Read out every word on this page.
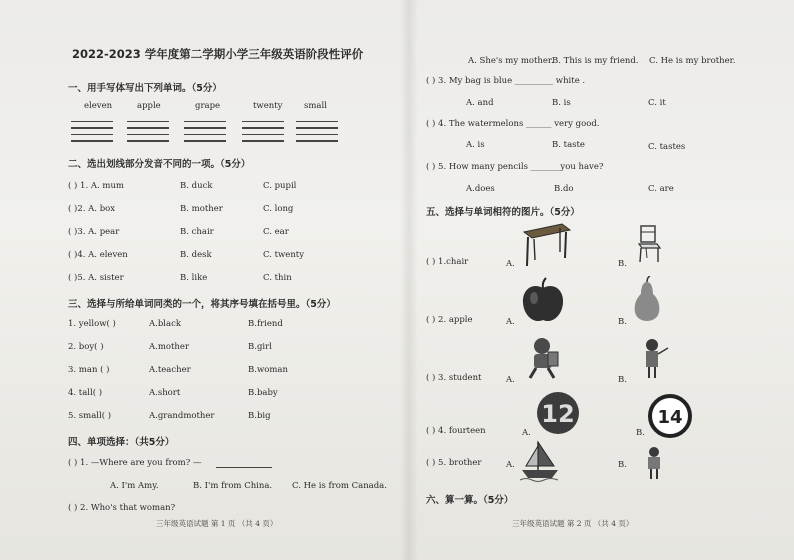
2022-2023 学年度第二学期小学三年级英语阶段性评价
一、用手写体写出下列单词。（5分）
eleven	apple	grape	twenty	small
二、选出划线部分发音不同的一项。（5分）
( ) 1. A. mum	B. duck	C. pupil
( )2. A. box	B. mother	C. long
( )3. A. pear	B. chair	C. ear
( )4. A. eleven	B. desk	C. twenty
( )5. A. sister	B. like	C. thin
三、选择与所给单词同类的一个，将其序号填在括号里。（5分）
1. yellow( )	A.black	B.friend
2. boy( )	A.mother	B.girl
3. man ( )	A.teacher	B.woman
4. tall( )	A.short	B.baby
5. small( )	A.grandmother	B.big
四、单项选择：（共5分）
( ) 1. —Where are you from? —
A. I'm Amy.	B. I'm from China. C. He is from Canada.
( ) 2. Who's that woman?
三年级英语试题 第 1 页 （共 4 页）
A. She's my mother.
B. This is my friend. C. He is my brother.
( ) 3. My bag is blue _________ white .
A. and	B. is	C. it
( ) 4. The watermelons ______ very good.
A. is	B. taste	C. tastes
( ) 5. How many pencils _______you have?
A.does	B.do	C. are
五、选择与单词相符的图片。（5分）
( ) 1.chair	A.	B.
( ) 2. apple	A.	B.
( ) 3. student	A.	B.
( ) 4. fourteen	A.	B.
12	14
( ) 5. brother	A.	B.
六、算一算。（5分）
三年级英语试题 第 2 页 （共 4 页）
